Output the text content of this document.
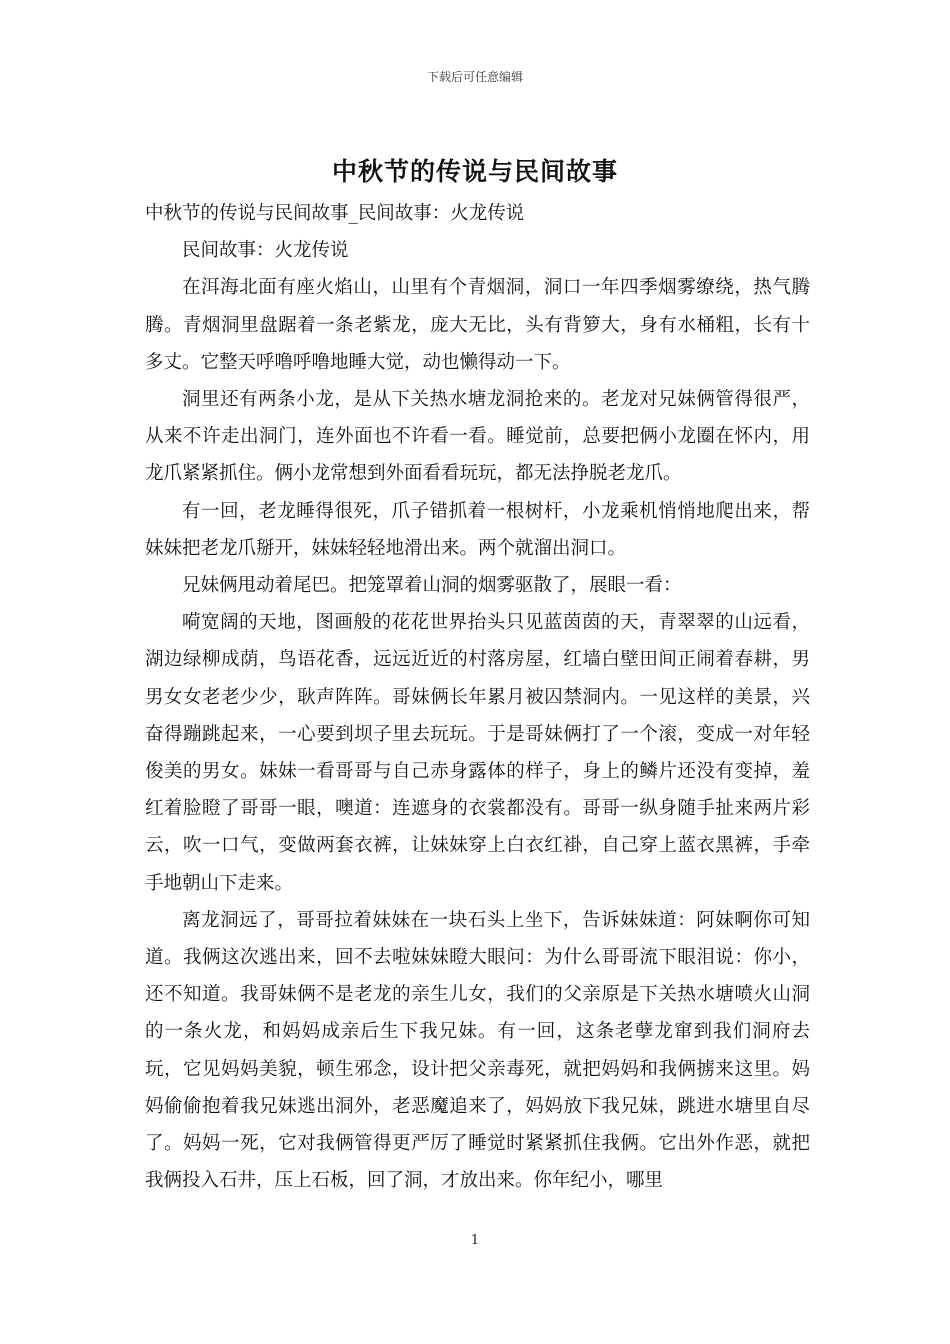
下载后可任意编辑
中秋节的传说与民间故事

中秋节的传说与民间故事_民间故事：火龙传说

民间故事：火龙传说

在洱海北面有座火焰山，山里有个青烟洞，洞口一年四季烟雾缭绕，热气腾腾。青烟洞里盘踞着一条老紫龙，庞大无比，头有背箩大，身有水桶粗，长有十多丈。它整天呼噜呼噜地睡大觉，动也懒得动一下。

洞里还有两条小龙，是从下关热水塘龙洞抢来的。老龙对兄妹俩管得很严，从来不许走出洞门，连外面也不许看一看。睡觉前，总要把俩小龙圈在怀内，用龙爪紧紧抓住。俩小龙常想到外面看看玩玩，都无法挣脱老龙爪。

有一回，老龙睡得很死，爪子错抓着一根树杆，小龙乘机悄悄地爬出来，帮妹妹把老龙爪掰开，妹妹轻轻地滑出来。两个就溜出洞口。

兄妹俩甩动着尾巴。把笼罩着山洞的烟雾驱散了，展眼一看：

嗬宽阔的天地，图画般的花花世界抬头只见蓝茵茵的天，青翠翠的山远看，湖边绿柳成荫，鸟语花香，远远近近的村落房屋，红墙白壁田间正闹着春耕，男男女女老老少少，耿声阵阵。哥妹俩长年累月被囚禁洞内。一见这样的美景，兴奋得蹦跳起来，一心要到坝子里去玩玩。于是哥妹俩打了一个滚，变成一对年轻俊美的男女。妹妹一看哥哥与自己赤身露体的样子，身上的鳞片还没有变掉，羞红着脸瞪了哥哥一眼，噢道：连遮身的衣裳都没有。哥哥一纵身随手扯来两片彩云，吹一口气，变做两套衣裤，让妹妹穿上白衣红褂，自己穿上蓝衣黑裤，手牵手地朝山下走来。

离龙洞远了，哥哥拉着妹妹在一块石头上坐下，告诉妹妹道：阿妹啊你可知道。我俩这次逃出来，回不去啦妹妹瞪大眼问：为什么哥哥流下眼泪说：你小，还不知道。我哥妹俩不是老龙的亲生儿女，我们的父亲原是下关热水塘喷火山洞的一条火龙，和妈妈成亲后生下我兄妹。有一回，这条老孽龙窜到我们洞府去玩，它见妈妈美貌，顿生邪念，设计把父亲毒死，就把妈妈和我俩掳来这里。妈妈偷偷抱着我兄妹逃出洞外，老恶魔追来了，妈妈放下我兄妹，跳进水塘里自尽了。妈妈一死，它对我俩管得更严厉了睡觉时紧紧抓住我俩。它出外作恶，就把我俩投入石井，压上石板，回了洞，才放出来。你年纪小，哪里

1
